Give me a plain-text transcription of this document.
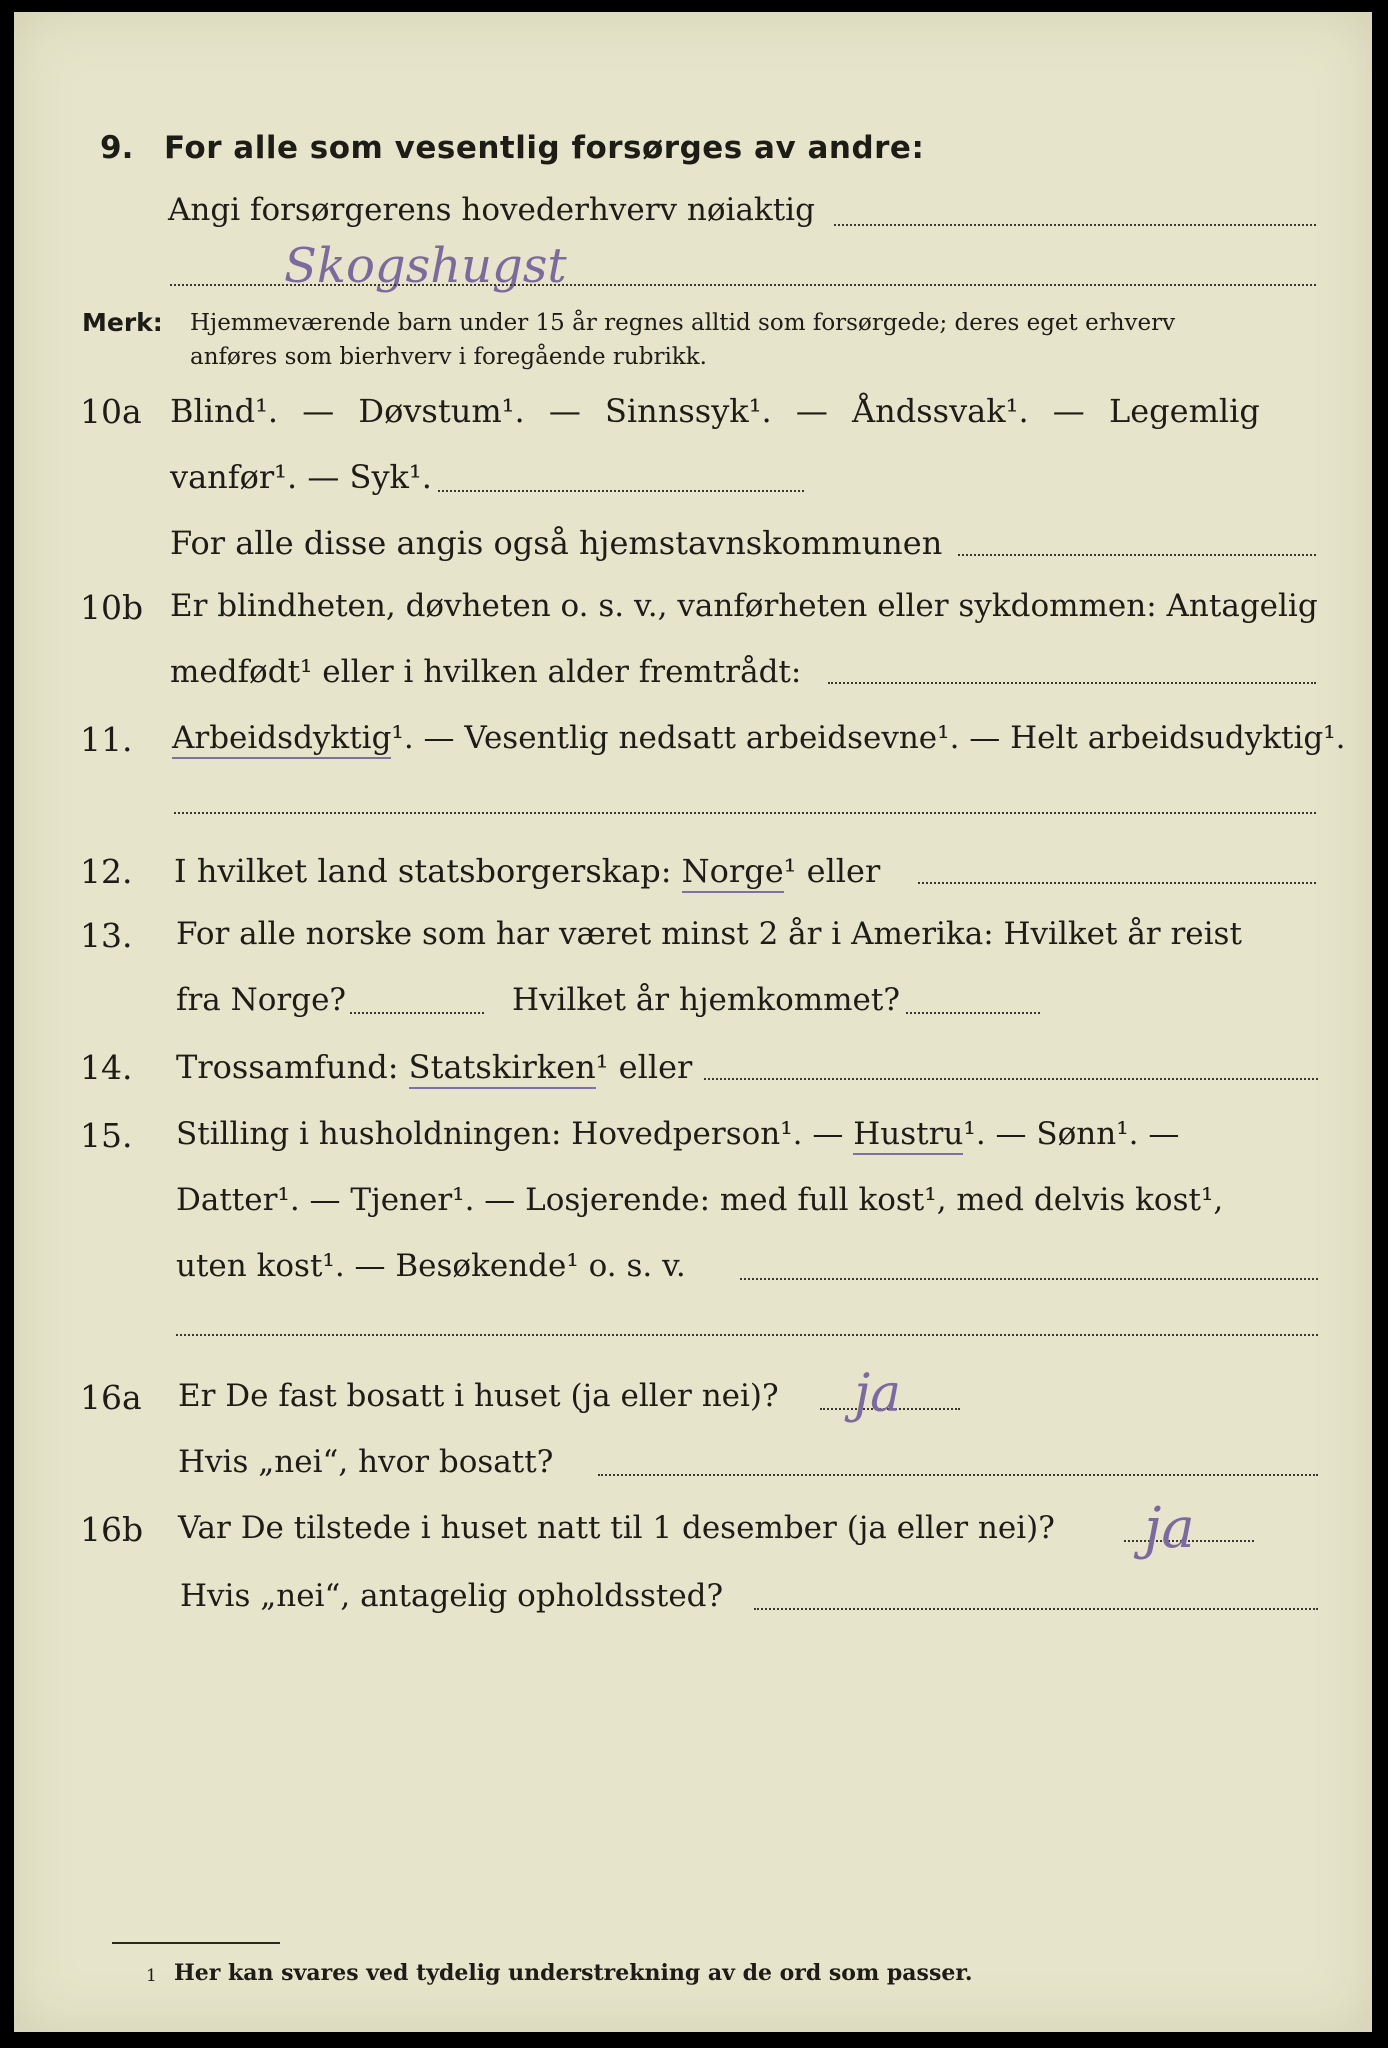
9. For alle som vesentlig forsørges av andre:
Angi forsørgerens hovederhverv nøiaktig
Skogshugst
Merk: Hjemmeværende barn under 15 år regnes alltid som forsørgede; deres eget erhverv
anføres som bierhverv i foregående rubrikk.
10a Blind¹. — Døvstum¹. — Sinnssyk¹. — Åndssvak¹. — Legemlig
vanfør¹. — Syk¹.
For alle disse angis også hjemstavnskommunen
10b Er blindheten, døvheten o. s. v., vanførheten eller sykdommen: Antagelig
medfødt¹ eller i hvilken alder fremtrådt:
11. Arbeidsdyktig¹. — Vesentlig nedsatt arbeidsevne¹. — Helt arbeidsudyktig¹.
12. I hvilket land statsborgerskap: Norge¹ eller
13. For alle norske som har været minst 2 år i Amerika: Hvilket år reist
fra Norge?	Hvilket år hjemkommet?
14. Trossamfund: Statskirken¹ eller
15. Stilling i husholdningen: Hovedperson¹. — Hustru¹. — Sønn¹. —
Datter¹. — Tjener¹. — Losjerende: med full kost¹, med delvis kost¹,
uten kost¹. — Besøkende¹ o. s. v.
16a Er De fast bosatt i huset (ja eller nei)? ja
Hvis „nei“, hvor bosatt?
16b Var De tilstede i huset natt til 1 desember (ja eller nei)? ja
Hvis „nei“, antagelig opholdssted?
1 Her kan svares ved tydelig understrekning av de ord som passer.
